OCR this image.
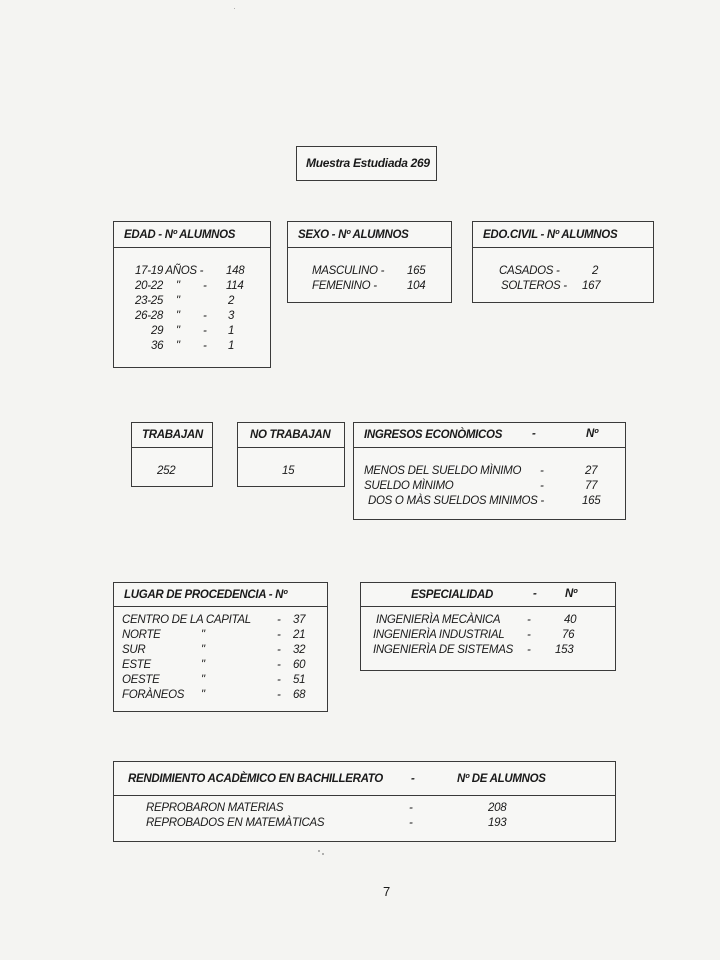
Muestra Estudiada 269
EDAD - Nº ALUMNOS
17-19 AÑOS - 148
20-22 " - 114
23-25 "	2
26-28 " - 3
29 " - 1
36 " - 1
SEXO - Nº ALUMNOS
MASCULINO - 165
FEMENINO -	104
EDO.CIVIL - Nº ALUMNOS
CASADOS -	2
SOLTEROS - 167
TRABAJAN
252
NO TRABAJAN
15
INGRESOS ECONÒMICOS	-	Nº
MENOS DEL SUELDO MÌNIMO -	27
SUELDO MÌNIMO	-	77
DOS O MÀS SUELDOS MINIMOS -	165
LUGAR DE PROCEDENCIA - Nº
CENTRO DE LA CAPITAL - 37
NORTE	"	- 21
SUR	"	- 32
ESTE	"	- 60
OESTE	"	- 51
FORÀNEOS "	- 68
ESPECIALIDAD	- Nº
INGENIERÌA MECÀNICA -	40
INGENIERÌA INDUSTRIAL -	76
INGENIERÌA DE SISTEMAS - 153
RENDIMIENTO ACADÈMICO EN BACHILLERATO -	Nº DE ALUMNOS
REPROBARON MATERIAS	-	208
REPROBADOS EN MATEMÀTICAS	-	193
7
